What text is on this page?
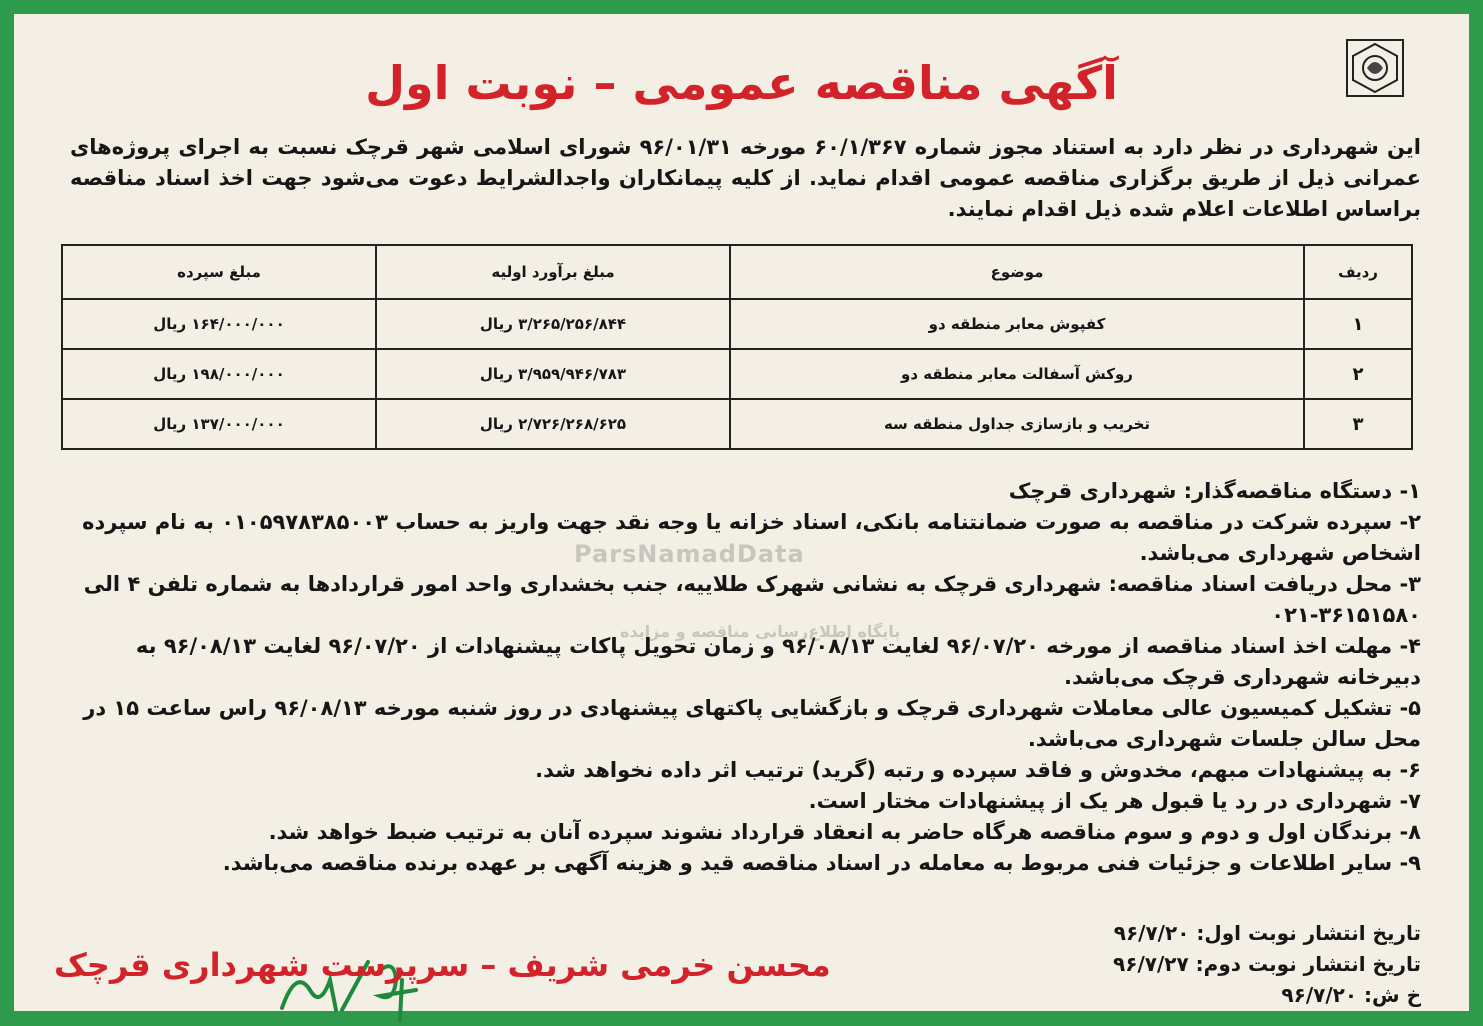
آگهی مناقصه عمومی – نوبت اول

این شهرداری در نظر دارد به استناد مجوز شماره ۶۰/۱/۳۶۷ مورخه ۹۶/۰۱/۳۱ شورای اسلامی شهر قرچک نسبت به اجرای پروژه‌های عمرانی ذیل از طریق برگزاری مناقصه عمومی اقدام نماید. از کلیه پیمانکاران واجدالشرایط دعوت می‌شود جهت اخذ اسناد مناقصه براساس اطلاعات اعلام شده ذیل اقدام نمایند.

ردیف	موضوع	مبلغ برآورد اولیه	مبلغ سپرده
۱	کفپوش معابر منطقه دو	۳/۲۶۵/۲۵۶/۸۴۴ ریال	۱۶۴/۰۰۰/۰۰۰ ریال
۲	روکش آسفالت معابر منطقه دو	۳/۹۵۹/۹۴۶/۷۸۳ ریال	۱۹۸/۰۰۰/۰۰۰ ریال
۳	تخریب و بازسازی جداول منطقه سه	۲/۷۲۶/۲۶۸/۶۲۵ ریال	۱۳۷/۰۰۰/۰۰۰ ریال
ParsNamadData
پایگاه اطلاع‌رسانی مناقصه و مزایده
۱- دستگاه مناقصه‌گذار: شهرداری قرچک
۲- سپرده شرکت در مناقصه به صورت ضمانتنامه بانکی، اسناد خزانه یا وجه نقد جهت واریز به حساب ۰۱۰۵۹۷۸۳۸۵۰۰۳ به نام سپرده اشخاص شهرداری می‌باشد.
۳- محل دریافت اسناد مناقصه: شهرداری قرچک به نشانی شهرک طلاییه، جنب بخشداری واحد امور قراردادها به شماره تلفن ۴ الی ۳۶۱۵۱۵۸۰-۰۲۱
۴- مهلت اخذ اسناد مناقصه از مورخه ۹۶/۰۷/۲۰ لغایت ۹۶/۰۸/۱۳ و زمان تحویل پاکات پیشنهادات از ۹۶/۰۷/۲۰ لغایت ۹۶/۰۸/۱۳ به دبیرخانه شهرداری قرچک می‌باشد.
۵- تشکیل کمیسیون عالی معاملات شهرداری قرچک و بازگشایی پاکتهای پیشنهادی در روز شنبه مورخه ۹۶/۰۸/۱۳ راس ساعت ۱۵ در محل سالن جلسات شهرداری می‌باشد.
۶- به پیشنهادات مبهم، مخدوش و فاقد سپرده و رتبه (گرید) ترتیب اثر داده نخواهد شد.
۷- شهرداری در رد یا قبول هر یک از پیشنهادات مختار است.
۸- برندگان اول و دوم و سوم مناقصه هرگاه حاضر به انعقاد قرارداد نشوند سپرده آنان به ترتیب ضبط خواهد شد.
۹- سایر اطلاعات و جزئیات فنی مربوط به معامله در اسناد مناقصه قید و هزینه آگهی بر عهده برنده مناقصه می‌باشد.
تاریخ انتشار نوبت اول: ۹۶/۷/۲۰
تاریخ انتشار نوبت دوم: ۹۶/۷/۲۷
خ ش: ۹۶/۷/۲۰
محسن خرمی شریف – سرپرست شهرداری قرچک
